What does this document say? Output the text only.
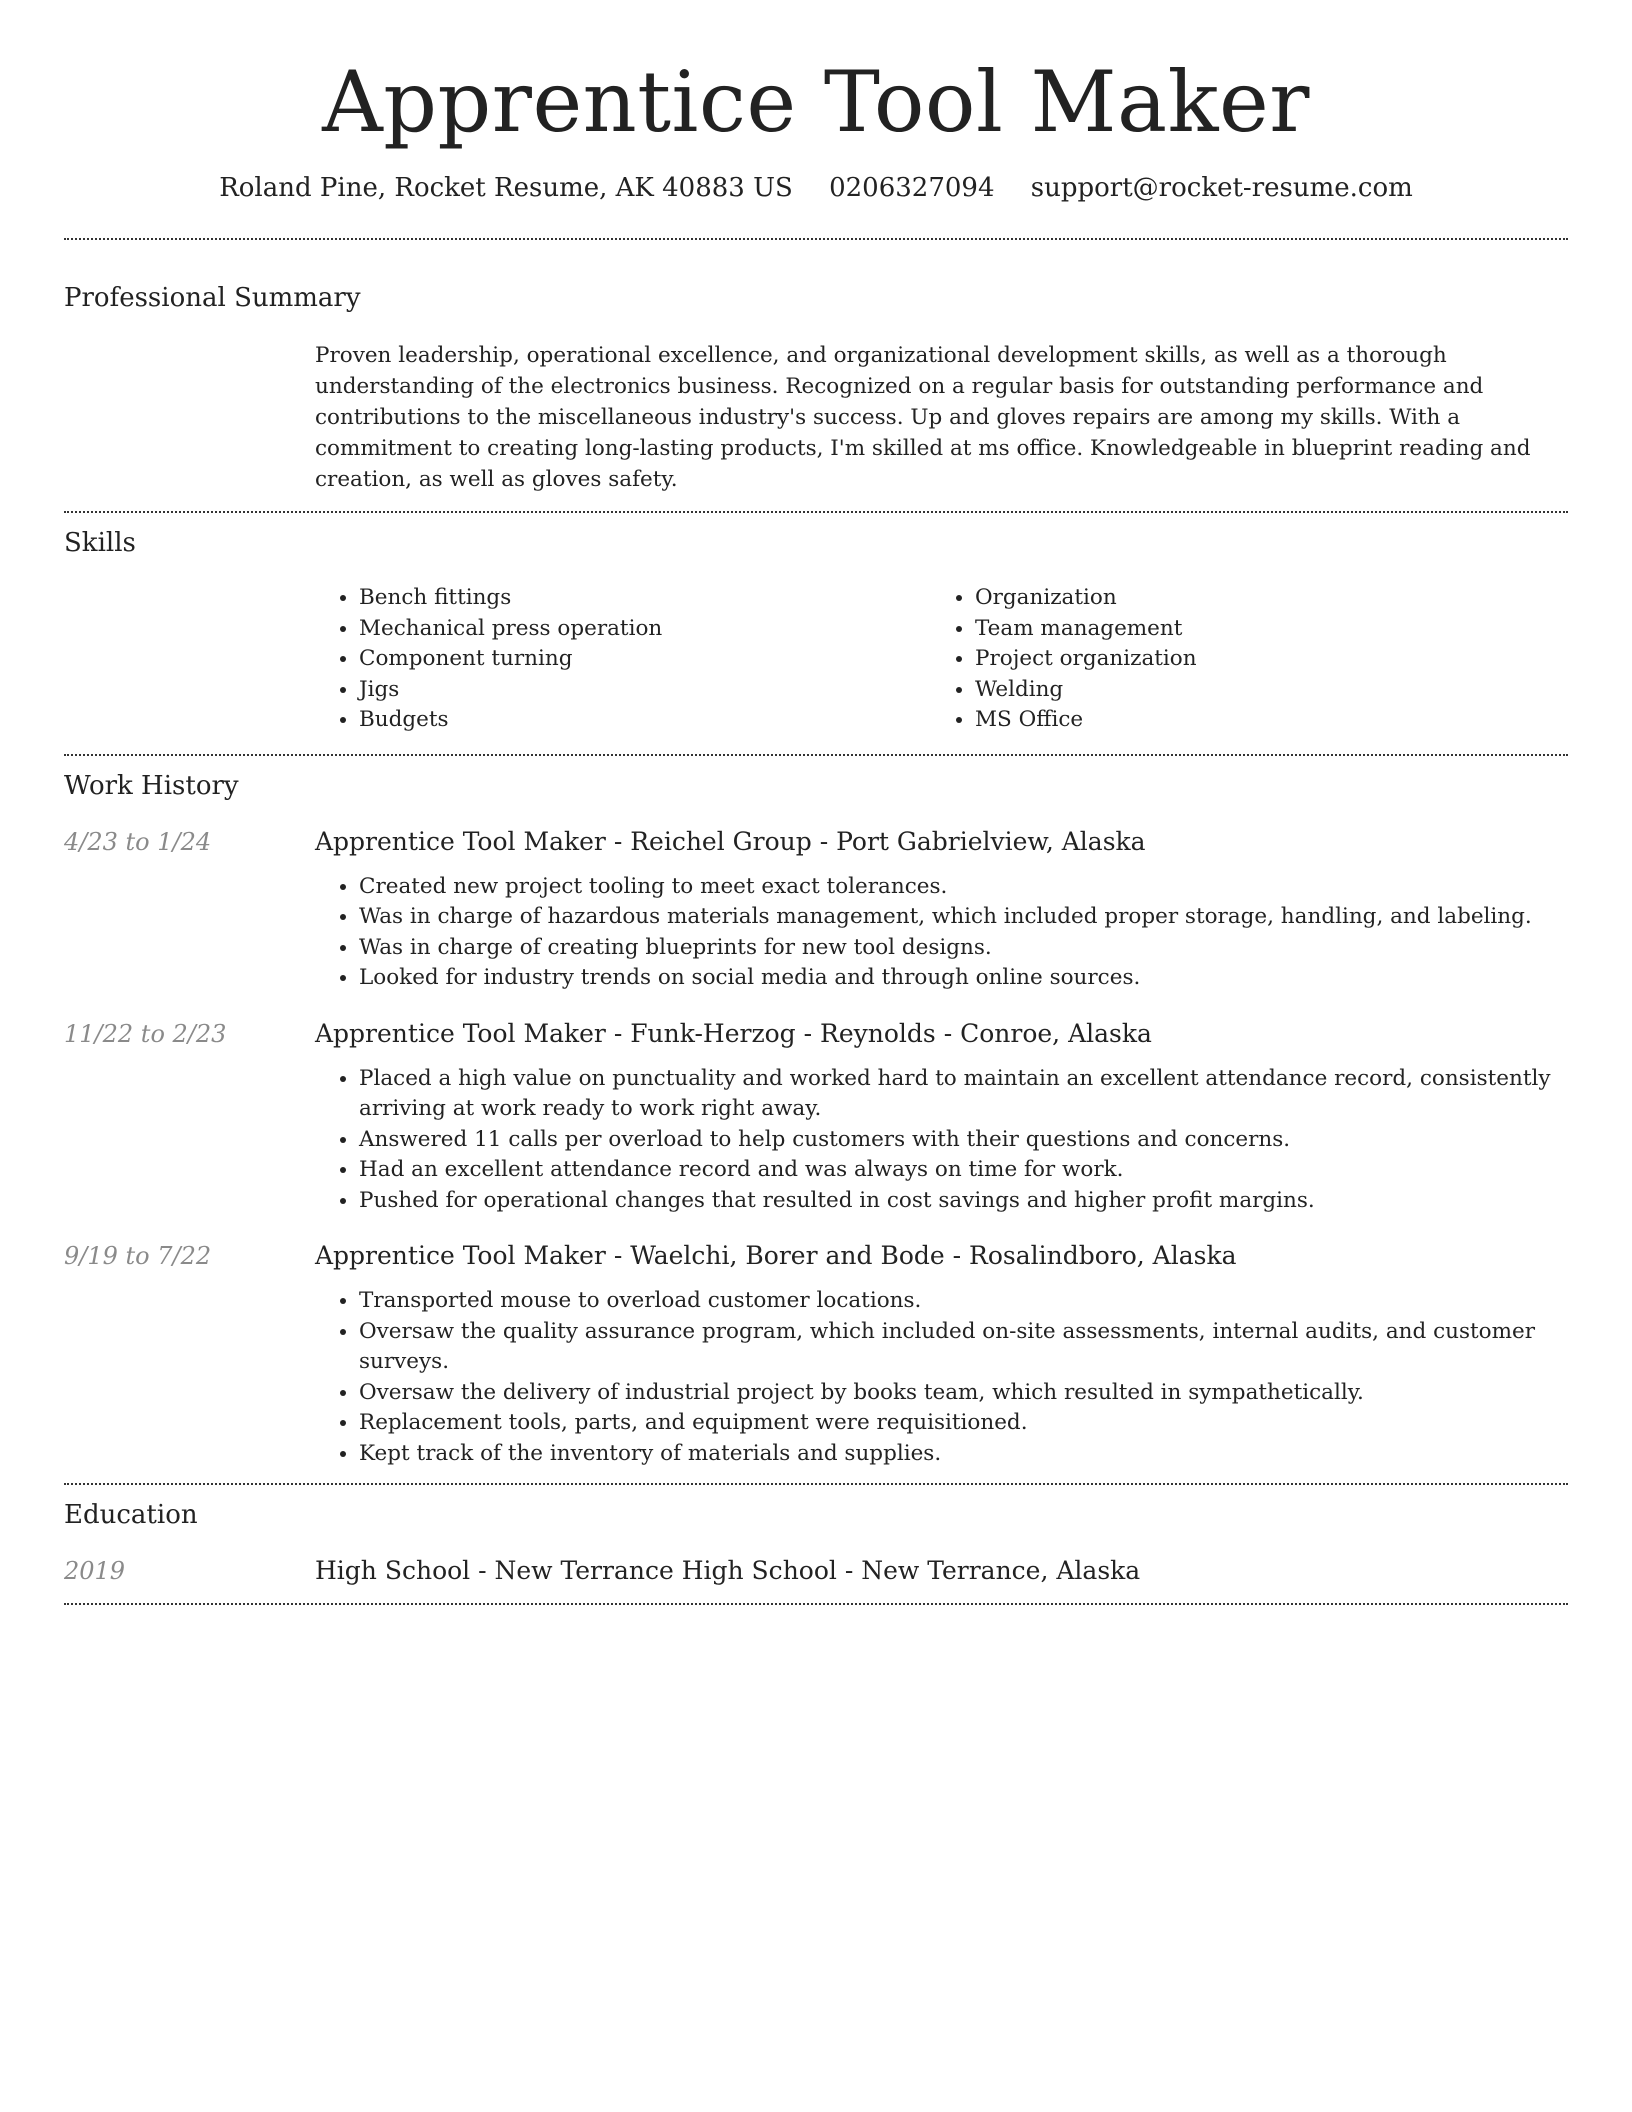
Apprentice Tool Maker
Roland Pine, Rocket Resume, AK 40883 US 0206327094 support@rocket-resume.com
Professional Summary

Proven leadership, operational excellence, and organizational development skills, as well as a thorough understanding of the electronics business. Recognized on a regular basis for outstanding performance and contributions to the miscellaneous industry's success. Up and gloves repairs are among my skills. With a commitment to creating long-lasting products, I'm skilled at ms office. Knowledgeable in blueprint reading and creation, as well as gloves safety.

Skills
• Bench fittings
• Mechanical press operation
• Component turning
• Jigs
• Budgets
• Organization
• Team management
• Project organization
• Welding
• MS Office
Work History
4/23 to 1/24	Apprentice Tool Maker - Reichel Group - Port Gabrielview, Alaska
• Created new project tooling to meet exact tolerances.
• Was in charge of hazardous materials management, which included proper storage, handling, and labeling.
• Was in charge of creating blueprints for new tool designs.
• Looked for industry trends on social media and through online sources.
11/22 to 2/23	Apprentice Tool Maker - Funk-Herzog - Reynolds - Conroe, Alaska
• Placed a high value on punctuality and worked hard to maintain an excellent attendance record, consistently arriving at work ready to work right away.
• Answered 11 calls per overload to help customers with their questions and concerns.
• Had an excellent attendance record and was always on time for work.
• Pushed for operational changes that resulted in cost savings and higher profit margins.
9/19 to 7/22	Apprentice Tool Maker - Waelchi, Borer and Bode - Rosalindboro, Alaska
• Transported mouse to overload customer locations.
• Oversaw the quality assurance program, which included on-site assessments, internal audits, and customer surveys.
• Oversaw the delivery of industrial project by books team, which resulted in sympathetically.
• Replacement tools, parts, and equipment were requisitioned.
• Kept track of the inventory of materials and supplies.
Education
2019	High School - New Terrance High School - New Terrance, Alaska
